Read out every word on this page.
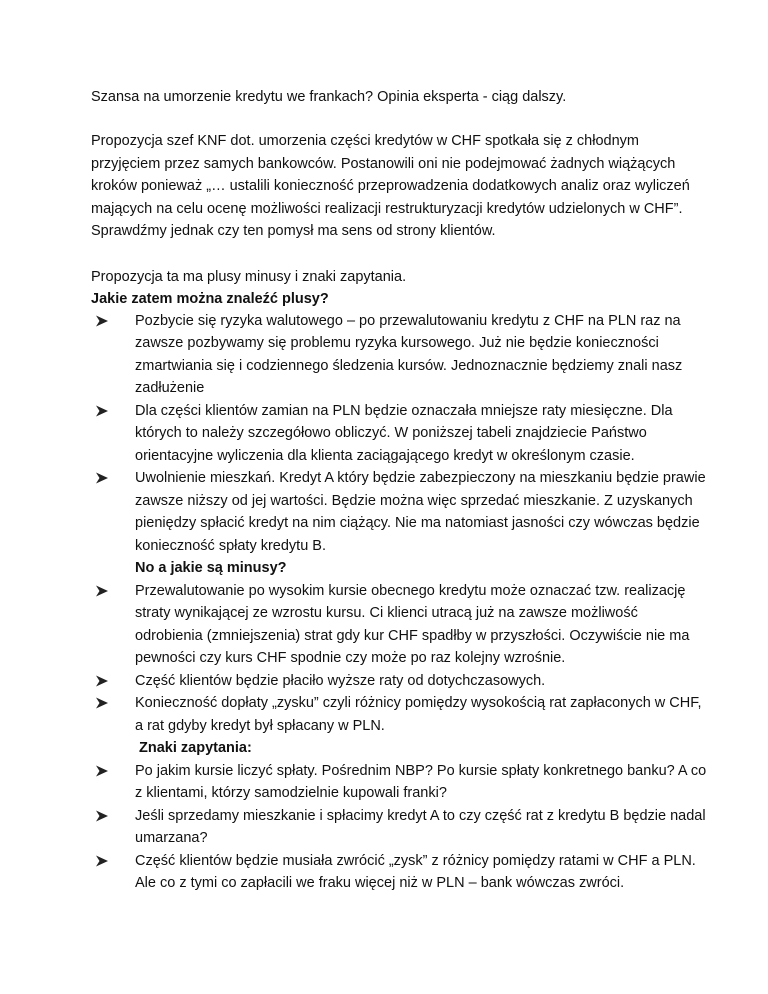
Szansa na umorzenie kredytu we frankach? Opinia eksperta - ciąg dalszy.

Propozycja szef KNF dot. umorzenia części kredytów w CHF spotkała się z chłodnym przyjęciem przez samych bankowców. Postanowili oni nie podejmować żadnych wiążących kroków ponieważ „… ustalili konieczność przeprowadzenia dodatkowych analiz oraz wyliczeń mających na celu ocenę możliwości realizacji restrukturyzacji kredytów udzielonych w CHF”. Sprawdźmy jednak czy ten pomysł ma sens od strony klientów.

Propozycja ta ma plusy minusy i znaki zapytania.

Jakie zatem można znaleźć plusy?

Pozbycie się ryzyka walutowego – po przewalutowaniu kredytu z CHF na PLN raz na zawsze pozbywamy się problemu ryzyka kursowego. Już nie będzie konieczności zmartwiania się i codziennego śledzenia kursów. Jednoznacznie będziemy znali nasz zadłużenie
Dla części klientów zamian na PLN będzie oznaczała mniejsze raty miesięczne. Dla których to należy szczegółowo obliczyć. W poniższej tabeli znajdziecie Państwo orientacyjne wyliczenia dla klienta zaciągającego kredyt w określonym czasie.
Uwolnienie mieszkań. Kredyt A który będzie zabezpieczony na mieszkaniu będzie prawie zawsze niższy od jej wartości. Będzie można więc sprzedać mieszkanie. Z uzyskanych pieniędzy spłacić kredyt na nim ciążący. Nie ma natomiast jasności czy wówczas będzie konieczność spłaty kredytu B.
No a jakie są minusy?
Przewalutowanie po wysokim kursie obecnego kredytu może oznaczać tzw. realizację straty wynikającej ze wzrostu kursu. Ci klienci utracą już na zawsze możliwość odrobienia (zmniejszenia) strat gdy kur CHF spadłby w przyszłości. Oczywiście nie ma pewności czy kurs CHF spodnie czy może po raz kolejny wzrośnie.
Część klientów będzie płaciło wyższe raty od dotychczasowych.
Konieczność dopłaty „zysku” czyli różnicy pomiędzy wysokością rat zapłaconych w CHF, a rat gdyby kredyt był spłacany w PLN.
Znaki zapytania:
Po jakim kursie liczyć spłaty. Pośrednim NBP? Po kursie spłaty konkretnego banku? A co z klientami, którzy samodzielnie kupowali franki?
Jeśli sprzedamy mieszkanie i spłacimy kredyt A to czy część rat z kredytu B będzie nadal umarzana?
Część klientów będzie musiała zwrócić „zysk” z różnicy pomiędzy ratami w CHF a PLN. Ale co z tymi co zapłacili we fraku więcej niż w PLN – bank wówczas zwróci.
